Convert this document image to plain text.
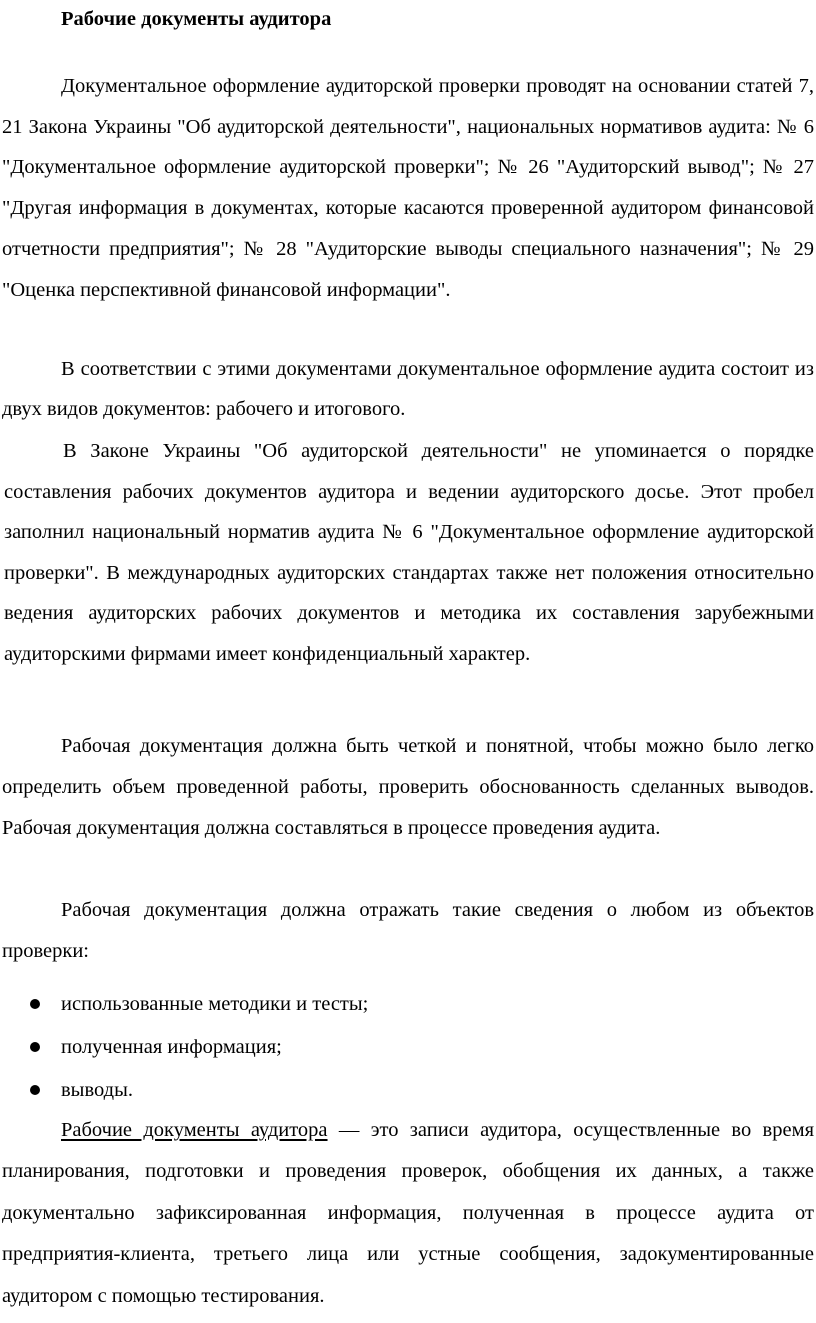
Рабочие документы аудитора

Документальное оформление аудиторской проверки проводят на основании статей 7, 21 Закона Украины "Об аудиторской деятельности", национальных нормативов аудита: № 6 "Документальное оформление аудиторской проверки"; № 26 "Аудиторский вывод"; № 27 "Другая информация в документах, которые касаются проверенной аудитором финансовой отчетности предприятия"; № 28 "Аудиторские выводы специального назначения"; № 29 "Оценка перспективной финансовой информации".

В соответствии с этими документами документальное оформление аудита состоит из двух видов документов: рабочего и итогового.

В Законе Украины "Об аудиторской деятельности" не упоминается о порядке составления рабочих документов аудитора и ведении аудиторского досье. Этот пробел заполнил национальный норматив аудита № 6 "Документальное оформление аудиторской проверки". В международных аудиторских стандартах также нет положения относительно ведения аудиторских рабочих документов и методика их составления зарубежными аудиторскими фирмами имеет конфиденциальный характер.

Рабочая документация должна быть четкой и понятной, чтобы можно было легко определить объем проведенной работы, проверить обоснованность сделанных выводов. Рабочая документация должна составляться в процессе проведения аудита.

Рабочая документация должна отражать такие сведения о любом из объектов проверки:

использованные методики и тесты;
полученная информация;
выводы.

Рабочие документы аудитора — это записи аудитора, осуществленные во время планирования, подготовки и проведения проверок, обобщения их данных, а также документально зафиксированная информация, полученная в процессе аудита от предприятия-клиента, третьего лица или устные сообщения, задокументированные аудитором с помощью тестирования.
